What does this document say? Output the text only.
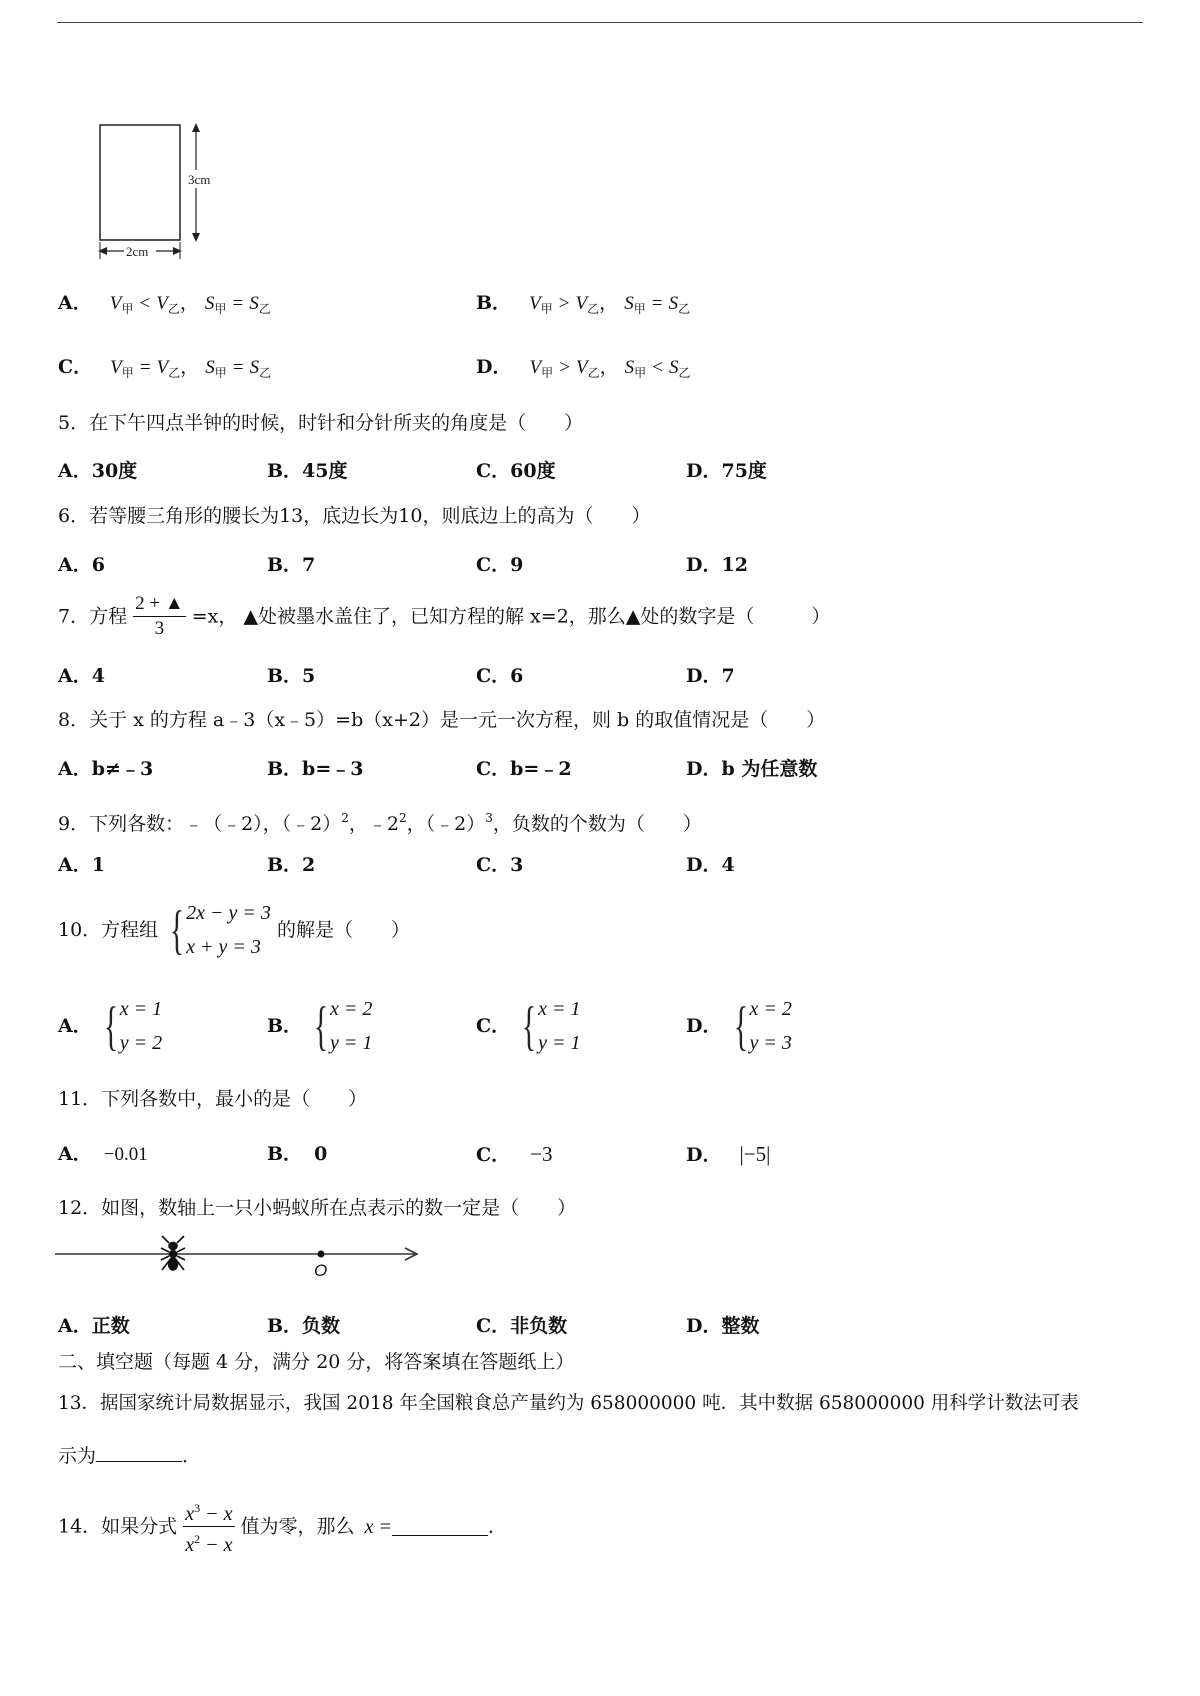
3cm
2cm
A． $V_甲 < V_乙$， $S_甲 = S_乙$	B． $V_甲 > V_乙$， $S_甲 = S_乙$
C． $V_甲 = V_乙$， $S_甲 = S_乙$	D． $V_甲 > V_乙$， $S_甲 < S_乙$
5．在下午四点半钟的时候，时针和分针所夹的角度是（　　）
A．30度	B．45度	C．60度	D．75度
6．若等腰三角形的腰长为13，底边长为10，则底边上的高为（　　）
A．6	B．7	C．9	D．12
7．方程 $\frac{2 + ▲}{3} =x$， ▲处被墨水盖住了，已知方程的解 x=2，那么▲处的数字是（　　　）
A．4	B．5	C．6	D．7
8．关于 x 的方程 a﹣3（x﹣5）=b（x+2）是一元一次方程，则 b 的取值情况是（　　）
A．b≠﹣3	B．b=﹣3	C．b=﹣2	D．b 为任意数
9．下列各数：﹣（﹣2），（﹣2）$^2$，$﹣2^2$，（﹣2）$^3$，负数的个数为（　　）
A．1	B．2	C．3	D．4
10．方程组 { 2x − y = 3
x + y = 3
的解是（　　）
A． { x = 1
y = 2
B． { x = 2
y = 1
C． { x = 1
y = 1
D． { x = 2
y = 3
11．下列各数中，最小的是（　　）
A． −0.01	B． 0	C． −3	D． |−5|
12．如图，数轴上一只小蚂蚁所在点表示的数一定是（　　）
O
A．正数	B．负数	C．非负数	D．整数
二、填空题（每题 4 分，满分 20 分，将答案填在答题纸上）
13．据国家统计局数据显示，我国 2018 年全国粮食总产量约为 658000000 吨．其中数据 658000000 用科学计数法可表
示为	．
14．如果分式 $\frac{x^3 - x}{x^2 - x}$ 值为零，那么 x =	．
